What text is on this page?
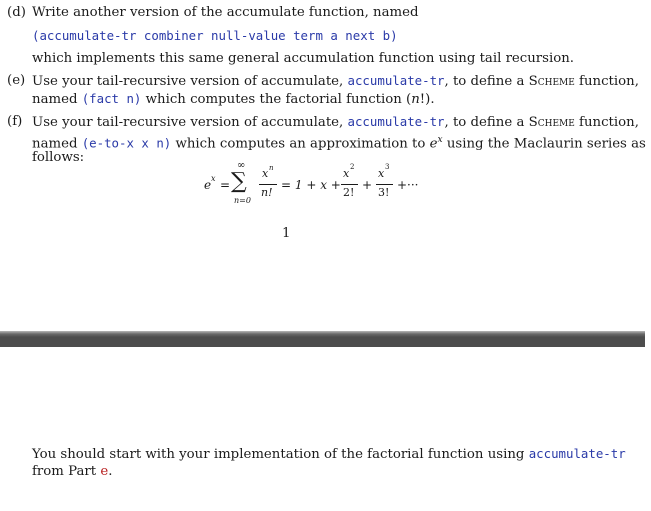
(d) Write another version of the accumulate function, named
(accumulate-tr combiner null-value term a next b)
which implements this same general accumulation function using tail recursion.
(e) Use your tail-recursive version of accumulate, accumulate-tr, to define a Scheme function,
named (fact n) which computes the factorial function (n!).
(f) Use your tail-recursive version of accumulate, accumulate-tr, to define a Scheme function,
named (e-to-x x n) which computes an approximation to $e^x$ using the Maclaurin series as
follows:
e x = ∑
∞
n=0
x n
n!
= 1 + x +
x 2
2!
+
x 3
3!
+···
1
You should start with your implementation of the factorial function using accumulate-tr
from Part e.
